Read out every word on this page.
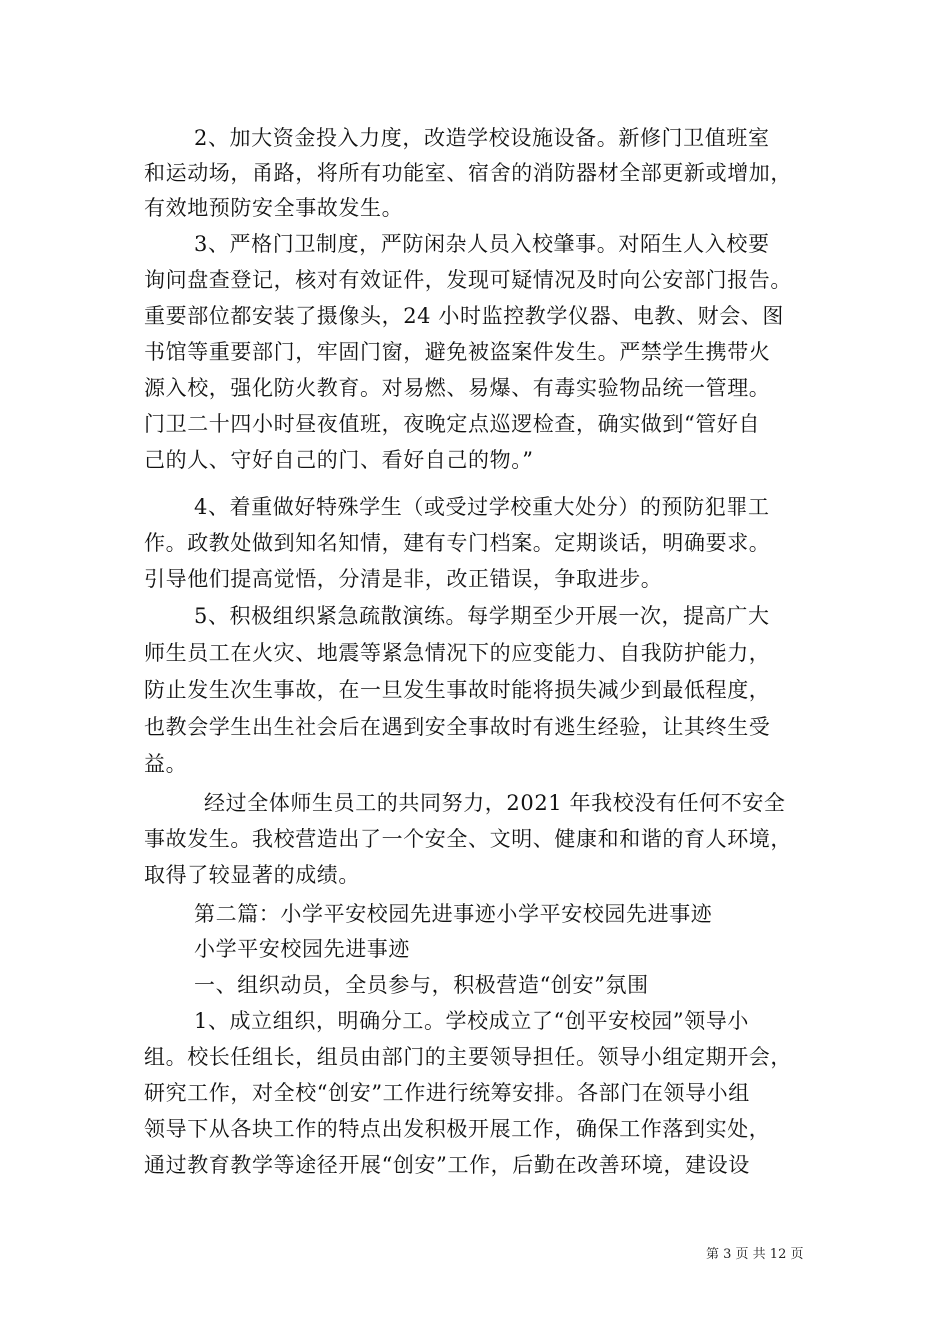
2、加大资金投入力度，改造学校设施设备。新修门卫值班室
和运动场，甬路，将所有功能室、宿舍的消防器材全部更新或增加，
有效地预防安全事故发生。
3、严格门卫制度，严防闲杂人员入校肇事。对陌生人入校要
询问盘查登记，核对有效证件，发现可疑情况及时向公安部门报告。
重要部位都安装了摄像头，24 小时监控教学仪器、电教、财会、图
书馆等重要部门，牢固门窗，避免被盗案件发生。严禁学生携带火
源入校，强化防火教育。对易燃、易爆、有毒实验物品统一管理。
门卫二十四小时昼夜值班，夜晚定点巡逻检查，确实做到“管好自
己的人、守好自己的门、看好自己的物。”
4、着重做好特殊学生（或受过学校重大处分）的预防犯罪工
作。政教处做到知名知情，建有专门档案。定期谈话，明确要求。
引导他们提高觉悟，分清是非，改正错误，争取进步。
5、积极组织紧急疏散演练。每学期至少开展一次，提高广大
师生员工在火灾、地震等紧急情况下的应变能力、自我防护能力，
防止发生次生事故，在一旦发生事故时能将损失减少到最低程度，
也教会学生出生社会后在遇到安全事故时有逃生经验，让其终生受
益。
经过全体师生员工的共同努力，2021 年我校没有任何不安全
事故发生。我校营造出了一个安全、文明、健康和和谐的育人环境，
取得了较显著的成绩。
第二篇：小学平安校园先进事迹小学平安校园先进事迹
小学平安校园先进事迹
一、组织动员，全员参与，积极营造“创安”氛围
1、成立组织，明确分工。学校成立了“创平安校园”领导小
组。校长任组长，组员由部门的主要领导担任。领导小组定期开会，
研究工作，对全校“创安”工作进行统筹安排。各部门在领导小组
领导下从各块工作的特点出发积极开展工作，确保工作落到实处，
通过教育教学等途径开展“创安”工作，后勤在改善环境，建设设
第 3 页 共 12 页
